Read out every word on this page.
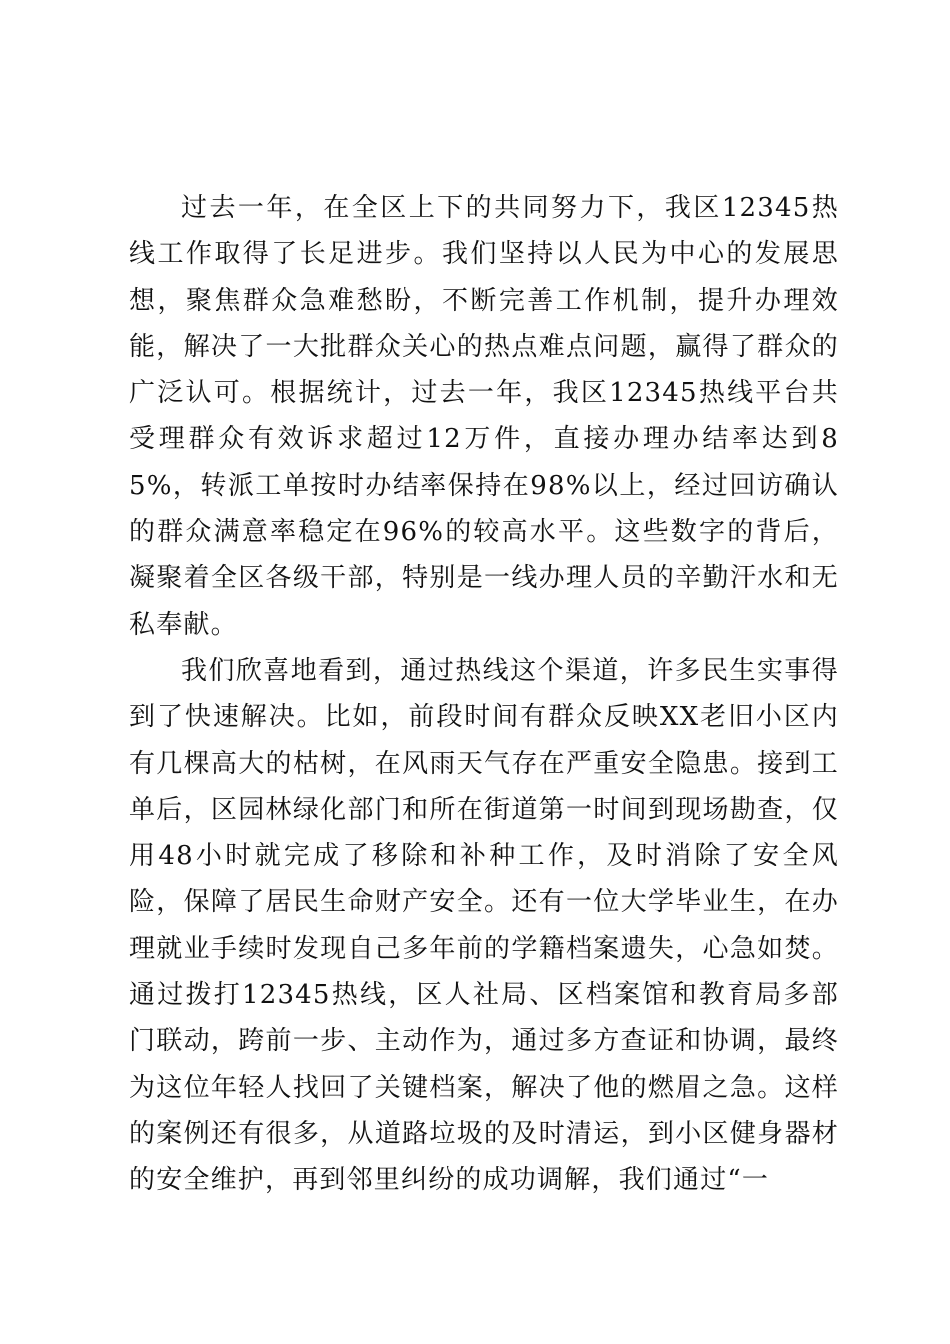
过去一年，在全区上下的共同努力下，我区12345热线工作取得了长足进步。我们坚持以人民为中心的发展思想，聚焦群众急难愁盼，不断完善工作机制，提升办理效能，解决了一大批群众关心的热点难点问题，赢得了群众的广泛认可。根据统计，过去一年，我区12345热线平台共受理群众有效诉求超过12万件，直接办理办结率达到85%，转派工单按时办结率保持在98%以上，经过回访确认的群众满意率稳定在96%的较高水平。这些数字的背后，凝聚着全区各级干部，特别是一线办理人员的辛勤汗水和无私奉献。

我们欣喜地看到，通过热线这个渠道，许多民生实事得到了快速解决。比如，前段时间有群众反映XX老旧小区内有几棵高大的枯树，在风雨天气存在严重安全隐患。接到工单后，区园林绿化部门和所在街道第一时间到现场勘查，仅用48小时就完成了移除和补种工作，及时消除了安全风险，保障了居民生命财产安全。还有一位大学毕业生，在办理就业手续时发现自己多年前的学籍档案遗失，心急如焚。通过拨打12345热线，区人社局、区档案馆和教育局多部门联动，跨前一步、主动作为，通过多方查证和协调，最终为这位年轻人找回了关键档案，解决了他的燃眉之急。这样的案例还有很多，从道路垃圾的及时清运，到小区健身器材的安全维护，再到邻里纠纷的成功调解，我们通过“一
